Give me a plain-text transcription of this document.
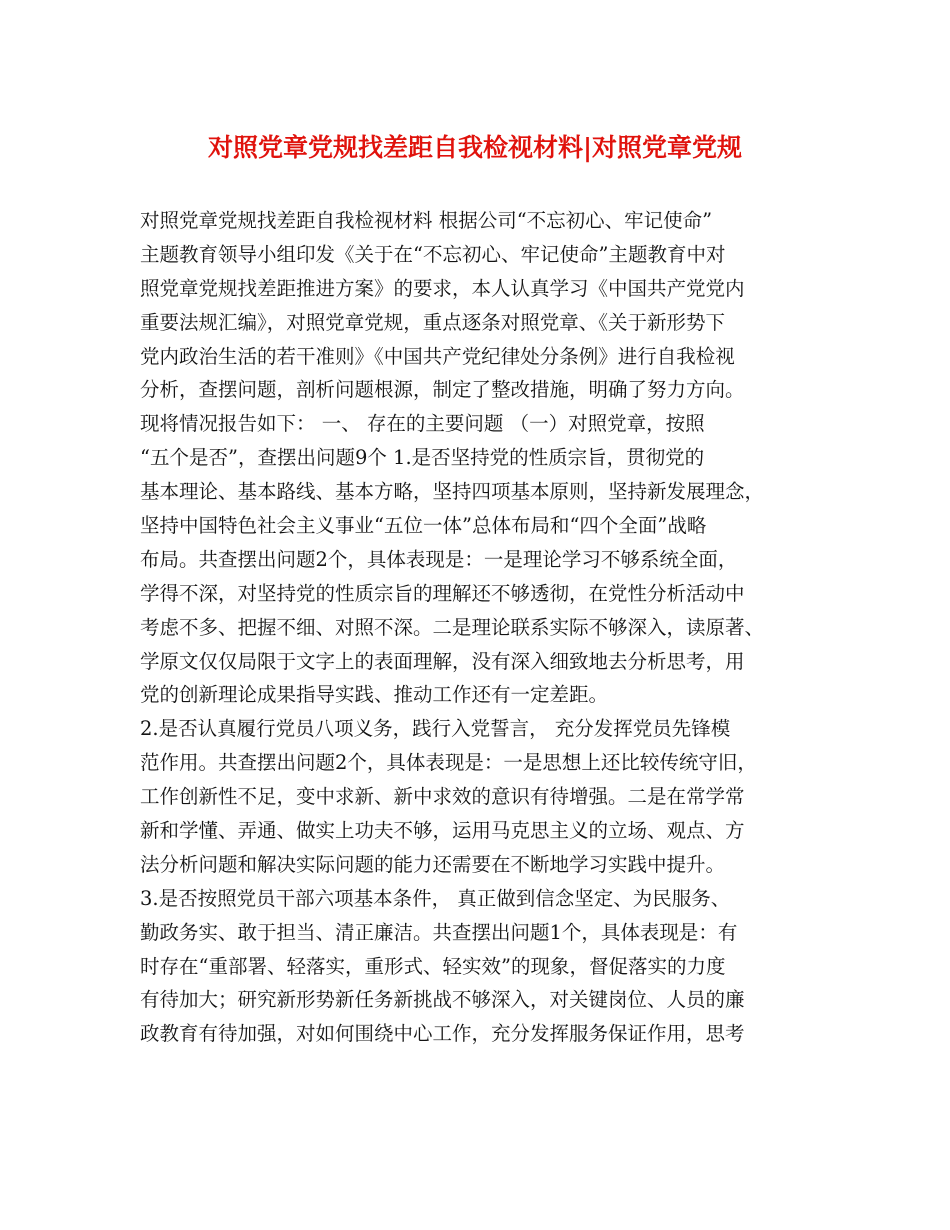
对照党章党规找差距自我检视材料|对照党章党规
对照党章党规找差距自我检视材料 根据公司“不忘初心、牢记使命”
主题教育领导小组印发《关于在“不忘初心、牢记使命”主题教育中对
照党章党规找差距推进方案》的要求，本人认真学习《中国共产党党内
重要法规汇编》，对照党章党规，重点逐条对照党章、《关于新形势下
党内政治生活的若干准则》《中国共产党纪律处分条例》进行自我检视
分析，查摆问题，剖析问题根源，制定了整改措施，明确了努力方向。
现将情况报告如下： 一、 存在的主要问题 （一）对照党章，按照
“五个是否”，查摆出问题9个 1.是否坚持党的性质宗旨，贯彻党的
基本理论、基本路线、基本方略，坚持四项基本原则，坚持新发展理念，
坚持中国特色社会主义事业“五位一体”总体布局和“四个全面”战略
布局。共查摆出问题2个，具体表现是：一是理论学习不够系统全面，
学得不深，对坚持党的性质宗旨的理解还不够透彻，在党性分析活动中
考虑不多、把握不细、对照不深。二是理论联系实际不够深入，读原著、
学原文仅仅局限于文字上的表面理解，没有深入细致地去分析思考，用
党的创新理论成果指导实践、推动工作还有一定差距。
2.是否认真履行党员八项义务，践行入党誓言， 充分发挥党员先锋模
范作用。共查摆出问题2个，具体表现是：一是思想上还比较传统守旧，
工作创新性不足，变中求新、新中求效的意识有待增强。二是在常学常
新和学懂、弄通、做实上功夫不够，运用马克思主义的立场、观点、方
法分析问题和解决实际问题的能力还需要在不断地学习实践中提升。
3.是否按照党员干部六项基本条件， 真正做到信念坚定、为民服务、
勤政务实、敢于担当、清正廉洁。共查摆出问题1个，具体表现是：有
时存在“重部署、轻落实，重形式、轻实效”的现象，督促落实的力度
有待加大；研究新形势新任务新挑战不够深入，对关键岗位、人员的廉
政教育有待加强，对如何围绕中心工作，充分发挥服务保证作用，思考
